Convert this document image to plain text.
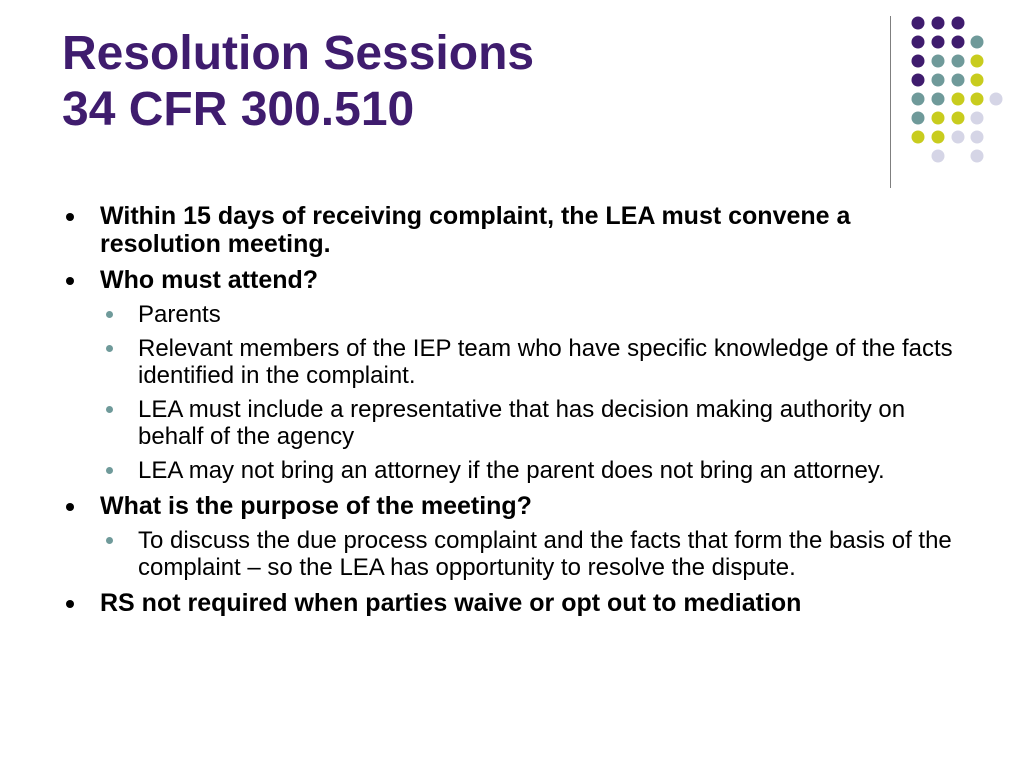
Resolution Sessions
34 CFR 300.510
Within 15 days of receiving complaint, the LEA must convene a resolution meeting.
Who must attend?
Parents
Relevant members of the IEP team who have specific knowledge of the facts identified in the complaint.
LEA must include a representative that has decision making authority on behalf of the agency
LEA may not bring an attorney if the parent does not bring an attorney.
What is the purpose of the meeting?
To discuss the due process complaint and the facts that form the basis of the complaint – so the LEA has opportunity to resolve the dispute.
RS not required when parties waive or opt out to mediation
